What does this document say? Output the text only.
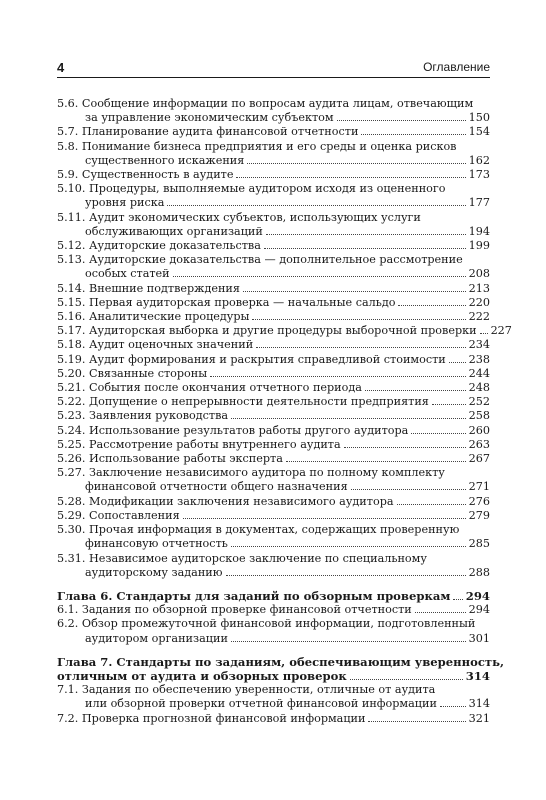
4	Оглавление
5.6. Сообщение информации по вопросам аудита лицам, отвечающим
за управление экономическим субъектом	150
5.7. Планирование аудита финансовой отчетности	154
5.8. Понимание бизнеса предприятия и его среды и оценка рисков
существенного искажения	162
5.9. Существенность в аудите	173
5.10. Процедуры, выполняемые аудитором исходя из оцененного
уровня риска	177
5.11. Аудит экономических субъектов, использующих услуги
обслуживающих организаций	194
5.12. Аудиторские доказательства	199
5.13. Аудиторские доказательства — дополнительное рассмотрение
особых статей	208
5.14. Внешние подтверждения	213
5.15. Первая аудиторская проверка — начальные сальдо	220
5.16. Аналитические процедуры	222
5.17. Аудиторская выборка и другие процедуры выборочной проверки 227
5.18. Аудит оценочных значений	234
5.19. Аудит формирования и раскрытия справедливой стоимости 238
5.20. Связанные стороны	244
5.21. События после окончания отчетного периода	248
5.22. Допущение о непрерывности деятельности предприятия	252
5.23. Заявления руководства	258
5.24. Использование результатов работы другого аудитора	260
5.25. Рассмотрение работы внутреннего аудита	263
5.26. Использование работы эксперта	267
5.27. Заключение независимого аудитора по полному комплекту
финансовой отчетности общего назначения	271
5.28. Модификации заключения независимого аудитора	276
5.29. Сопоставления	279
5.30. Прочая информация в документах, содержащих проверенную
финансовую отчетность	285
5.31. Независимое аудиторское заключение по специальному
аудиторскому заданию	288
Глава 6. Стандарты для заданий по обзорным проверкам 294
6.1. Задания по обзорной проверке финансовой отчетности	294
6.2. Обзор промежуточной финансовой информации, подготовленный
аудитором организации	301
Глава 7. Стандарты по заданиям, обеспечивающим уверенность,
отличным от аудита и обзорных проверок	314
7.1. Задания по обеспечению уверенности, отличные от аудита
или обзорной проверки отчетной финансовой информации	314
7.2. Проверка прогнозной финансовой информации	321
